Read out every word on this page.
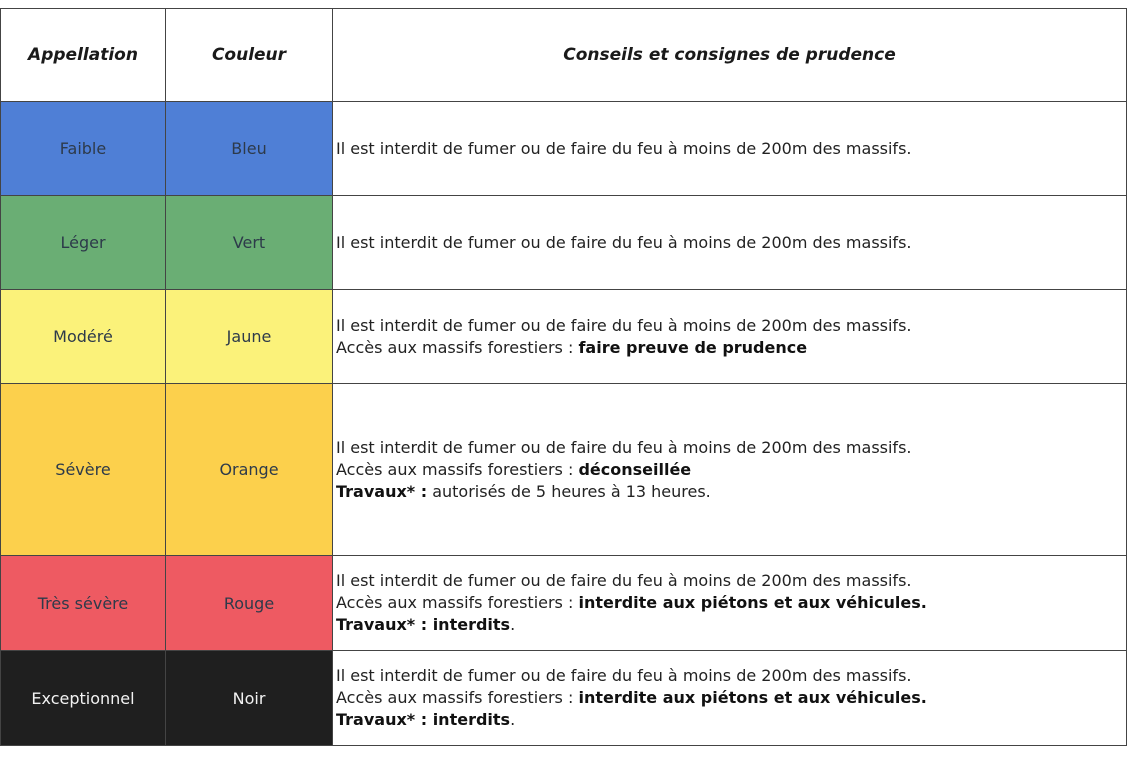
Appellation	Couleur	Conseils et consignes de prudence
Faible	Bleu	Il est interdit de fumer ou de faire du feu à moins de 200m des massifs.

Léger	Vert	Il est interdit de fumer ou de faire du feu à moins de 200m des massifs.

Modéré	Jaune	Il est interdit de fumer ou de faire du feu à moins de 200m des massifs.
Accès aux massifs forestiers : faire preuve de prudence

Sévère	Orange	Il est interdit de fumer ou de faire du feu à moins de 200m des massifs.
Accès aux massifs forestiers : déconseillée
Travaux* : autorisés de 5 heures à 13 heures.

Très sévère	Rouge	Il est interdit de fumer ou de faire du feu à moins de 200m des massifs.
Accès aux massifs forestiers : interdite aux piétons et aux véhicules.
Travaux* : interdits.

Exceptionnel	Noir	Il est interdit de fumer ou de faire du feu à moins de 200m des massifs.
Accès aux massifs forestiers : interdite aux piétons et aux véhicules.
Travaux* : interdits.
